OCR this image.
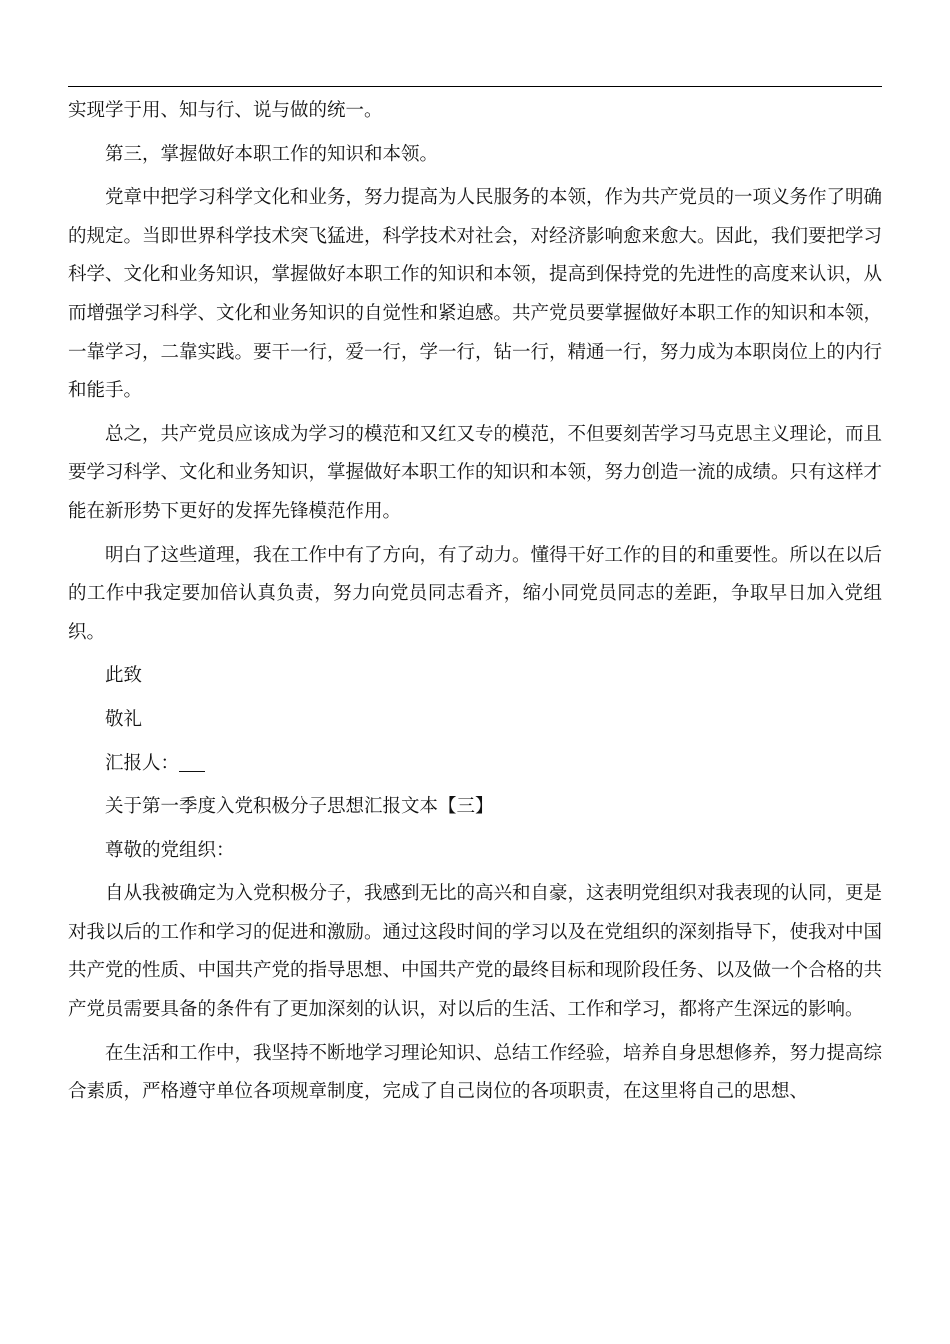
实现学于用、知与行、说与做的统一。

第三，掌握做好本职工作的知识和本领。

党章中把学习科学文化和业务，努力提高为人民服务的本领，作为共产党员的一项义务作了明确的规定。当即世界科学技术突飞猛进，科学技术对社会，对经济影响愈来愈大。因此，我们要把学习科学、文化和业务知识，掌握做好本职工作的知识和本领，提高到保持党的先进性的高度来认识，从而增强学习科学、文化和业务知识的自觉性和紧迫感。共产党员要掌握做好本职工作的知识和本领，一靠学习，二靠实践。要干一行，爱一行，学一行，钻一行，精通一行，努力成为本职岗位上的内行和能手。

总之，共产党员应该成为学习的模范和又红又专的模范，不但要刻苦学习马克思主义理论，而且要学习科学、文化和业务知识，掌握做好本职工作的知识和本领，努力创造一流的成绩。只有这样才能在新形势下更好的发挥先锋模范作用。

明白了这些道理，我在工作中有了方向，有了动力。懂得干好工作的目的和重要性。所以在以后的工作中我定要加倍认真负责，努力向党员同志看齐，缩小同党员同志的差距，争取早日加入党组织。

此致

敬礼

汇报人：

关于第一季度入党积极分子思想汇报文本【三】

尊敬的党组织：

自从我被确定为入党积极分子，我感到无比的高兴和自豪，这表明党组织对我表现的认同，更是对我以后的工作和学习的促进和激励。通过这段时间的学习以及在党组织的深刻指导下，使我对中国共产党的性质、中国共产党的指导思想、中国共产党的最终目标和现阶段任务、以及做一个合格的共产党员需要具备的条件有了更加深刻的认识，对以后的生活、工作和学习，都将产生深远的影响。

在生活和工作中，我坚持不断地学习理论知识、总结工作经验，培养自身思想修养，努力提高综合素质，严格遵守单位各项规章制度，完成了自己岗位的各项职责，在这里将自己的思想、
